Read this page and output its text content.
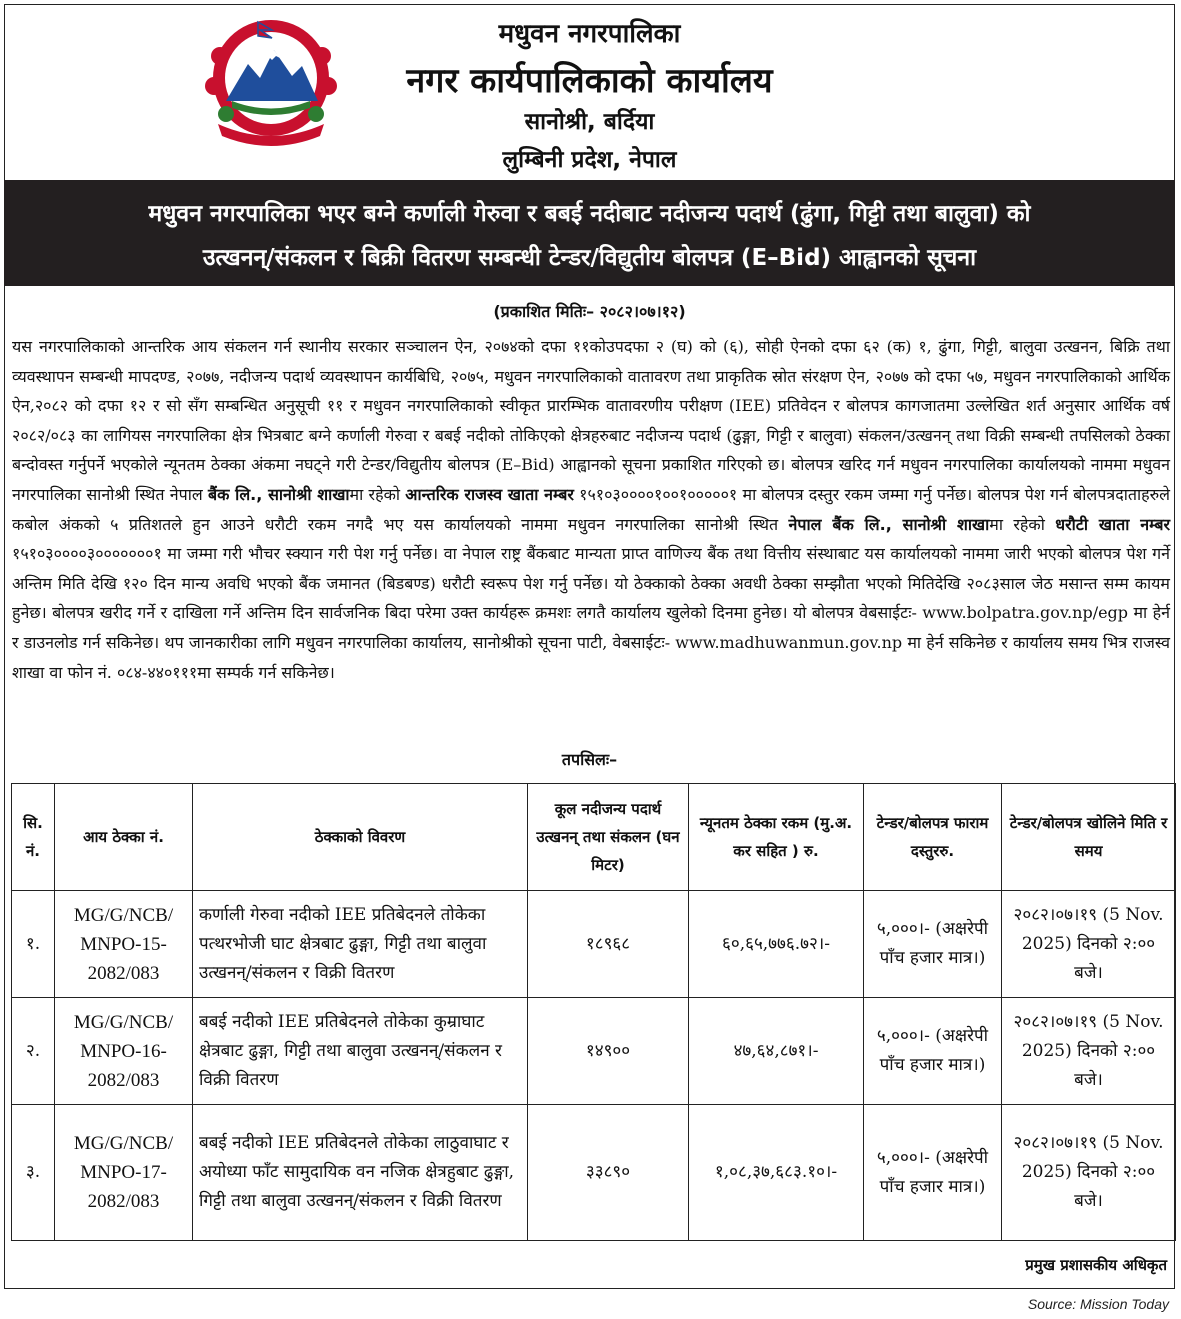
मधुवन नगरपालिका
नगर कार्यपालिकाको कार्यालय
सानोश्री, बर्दिया
लुम्बिनी प्रदेश, नेपाल
मधुवन नगरपालिका भएर बग्ने कर्णाली गेरुवा र बबई नदीबाट नदीजन्य पदार्थ (ढुंगा, गिट्टी तथा बालुवा) को
उत्खनन्/संकलन र बिक्री वितरण सम्बन्धी टेन्डर/विद्युतीय बोलपत्र (E–Bid) आह्वानको सूचना
(प्रकाशित मितिः– २०८२।०७।१२)
यस नगरपालिकाको आन्तरिक आय संकलन गर्न स्थानीय सरकार सञ्चालन ऐन, २०७४को दफा ११कोउपदफा २ (घ) को (६), सोही ऐनको दफा ६२ (क) १, ढुंगा, गिट्टी, बालुवा उत्खनन, बिक्रि तथा व्यवस्थापन सम्बन्धी मापदण्ड, २०७७, नदीजन्य पदार्थ व्यवस्थापन कार्यबिधि, २०७५, मधुवन नगरपालिकाको वातावरण तथा प्राकृतिक स्रोत संरक्षण ऐन, २०७७ को दफा ५७, मधुवन नगरपालिकाको आर्थिक ऐन,२०८२ को दफा १२ र सो सँग सम्बन्धित अनुसूची ११ र मधुवन नगरपालिकाको स्वीकृत प्रारम्भिक वातावरणीय परीक्षण (IEE) प्रतिवेदन र बोलपत्र कागजातमा उल्लेखित शर्त अनुसार आर्थिक वर्ष २०८२/०८३ का लागियस नगरपालिका क्षेत्र भित्रबाट बग्ने कर्णाली गेरुवा र बबई नदीको तोकिएको क्षेत्रहरुबाट नदीजन्य पदार्थ (ढुङ्गा, गिट्टी र बालुवा) संकलन/उत्खनन् तथा विक्री सम्बन्धी तपसिलको ठेक्का बन्दोवस्त गर्नुपर्ने भएकोले न्यूनतम ठेक्का अंकमा नघट्ने गरी टेन्डर/विद्युतीय बोलपत्र (E–Bid) आह्वानको सूचना प्रकाशित गरिएको छ। बोलपत्र खरिद गर्न मधुवन नगरपालिका कार्यालयको नाममा मधुवन नगरपालिका सानोश्री स्थित नेपाल बैंक लि., सानोश्री शाखामा रहेको आन्तरिक राजस्व खाता नम्बर १५१०३००००१००१०००००१ मा बोलपत्र दस्तुर रकम जम्मा गर्नु पर्नेछ। बोलपत्र पेश गर्न बोलपत्रदाताहरुले कबोल अंकको ५ प्रतिशतले हुन आउने धरौटी रकम नगदै भए यस कार्यालयको नाममा मधुवन नगरपालिका सानोश्री स्थित नेपाल बैंक लि., सानोश्री शाखामा रहेको धरौटी खाता नम्बर १५१०३००००३०००००००१ मा जम्मा गरी भौचर स्क्यान गरी पेश गर्नु पर्नेछ। वा नेपाल राष्ट्र बैंकबाट मान्यता प्राप्त वाणिज्य बैंक तथा वित्तीय संस्थाबाट यस कार्यालयको नाममा जारी भएको बोलपत्र पेश गर्ने अन्तिम मिति देखि १२० दिन मान्य अवधि भएको बैंक जमानत (बिडबण्ड) धरौटी स्वरूप पेश गर्नु पर्नेछ। यो ठेक्काको ठेक्का अवधी ठेक्का सम्झौता भएको मितिदेखि २०८३साल जेठ मसान्त सम्म कायम हुनेछ। बोलपत्र खरीद गर्ने र दाखिला गर्ने अन्तिम दिन सार्वजनिक बिदा परेमा उक्त कार्यहरू क्रमशः लगतै कार्यालय खुलेको दिनमा हुनेछ। यो बोलपत्र वेबसाईटः- www.bolpatra.gov.np/egp मा हेर्न र डाउनलोड गर्न सकिनेछ। थप जानकारीका लागि मधुवन नगरपालिका कार्यालय, सानोश्रीको सूचना पाटी, वेबसाईटः- www.madhuwanmun.gov.np मा हेर्न सकिनेछ र कार्यालय समय भित्र राजस्व शाखा वा फोन नं. ०८४-४४०१११मा सम्पर्क गर्न सकिनेछ।
तपसिलः–
सि. नं.	आय ठेक्का नं.	ठेक्काको विवरण	कूल नदीजन्य पदार्थ उत्खनन् तथा संकलन (घन मिटर)	न्यूनतम ठेक्का रकम (मु.अ. कर सहित ) रु.	टेन्डर/बोलपत्र फाराम दस्तुररु.	टेन्डर/बोलपत्र खोलिने मिति र समय
१.	MG/G/NCB/ MNPO-15- 2082/083	कर्णाली गेरुवा नदीको IEE प्रतिबेदनले तोकेका पत्थरभोजी घाट क्षेत्रबाट ढुङ्गा, गिट्टी तथा बालुवा उत्खनन्/संकलन र विक्री वितरण	१८९६८	६०,६५,७७६.७२।-	५,०००।- (अक्षरेपी पाँच हजार मात्र।)	२०८२।०७।१९ (5 Nov. 2025) दिनको २:०० बजे।
२.	MG/G/NCB/ MNPO-16- 2082/083	बबई नदीको IEE प्रतिबेदनले तोकेका कुम्राघाट क्षेत्रबाट ढुङ्गा, गिट्टी तथा बालुवा उत्खनन्/संकलन र विक्री वितरण	१४९००	४७,६४,८७१।-	५,०००।- (अक्षरेपी पाँच हजार मात्र।)	२०८२।०७।१९ (5 Nov. 2025) दिनको २:०० बजे।
३.	MG/G/NCB/ MNPO-17- 2082/083	बबई नदीको IEE प्रतिबेदनले तोकेका लाठुवाघाट र अयोध्या फाँट सामुदायिक वन नजिक क्षेत्रहुबाट ढुङ्गा, गिट्टी तथा बालुवा उत्खनन्/संकलन र विक्री वितरण	३३८९०	१,०८,३७,६८३.१०।-	५,०००।- (अक्षरेपी पाँच हजार मात्र।)	२०८२।०७।१९ (5 Nov. 2025) दिनको २:०० बजे।
प्रमुख प्रशासकीय अधिकृत
Source: Mission Today
